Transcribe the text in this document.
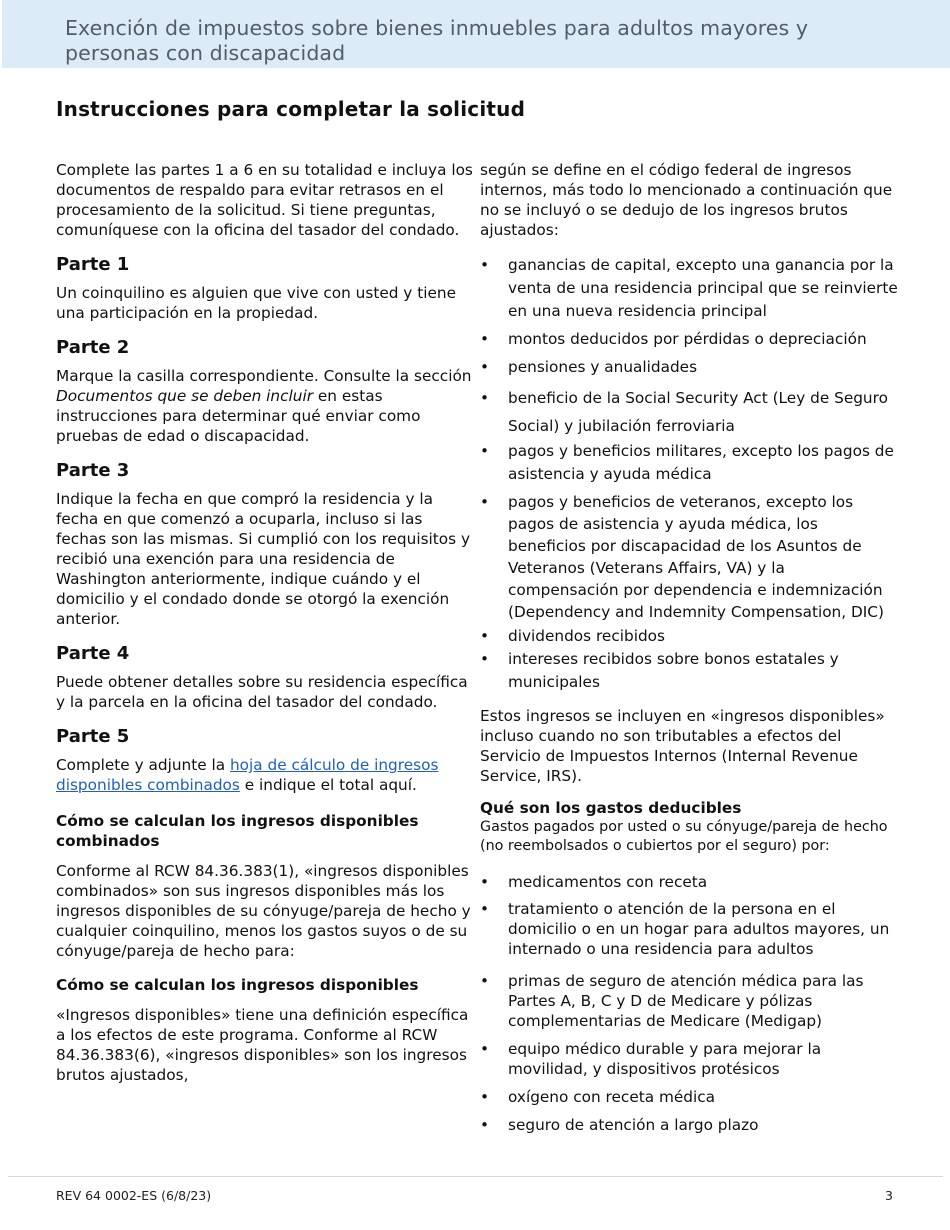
Exención de impuestos sobre bienes inmuebles para adultos mayores y personas con discapacidad
Instrucciones para completar la solicitud

Complete las partes 1 a 6 en su totalidad e incluya los documentos de respaldo para evitar retrasos en el procesamiento de la solicitud. Si tiene preguntas, comuníquese con la oficina del tasador del condado.

Parte 1

Un coinquilino es alguien que vive con usted y tiene una participación en la propiedad.

Parte 2

Marque la casilla correspondiente. Consulte la sección Documentos que se deben incluir en estas instrucciones para determinar qué enviar como pruebas de edad o discapacidad.

Parte 3

Indique la fecha en que compró la residencia y la fecha en que comenzó a ocuparla, incluso si las fechas son las mismas. Si cumplió con los requisitos y recibió una exención para una residencia de Washington anteriormente, indique cuándo y el domicilio y el condado donde se otorgó la exención anterior.

Parte 4

Puede obtener detalles sobre su residencia específica y la parcela en la oficina del tasador del condado.

Parte 5

Complete y adjunte la hoja de cálculo de ingresos disponibles combinados e indique el total aquí.

Cómo se calculan los ingresos disponibles combinados

Conforme al RCW 84.36.383(1), «ingresos disponibles combinados» son sus ingresos disponibles más los ingresos disponibles de su cónyuge/pareja de hecho y cualquier coinquilino, menos los gastos suyos o de su cónyuge/pareja de hecho para:

Cómo se calculan los ingresos disponibles

«Ingresos disponibles» tiene una definición específica a los efectos de este programa. Conforme al RCW 84.36.383(6), «ingresos disponibles» son los ingresos brutos ajustados,

según se define en el código federal de ingresos internos, más todo lo mencionado a continuación que no se incluyó o se dedujo de los ingresos brutos ajustados:

• ganancias de capital, excepto una ganancia por la venta de una residencia principal que se reinvierte en una nueva residencia principal
• montos deducidos por pérdidas o depreciación
• pensiones y anualidades
• beneficio de la Social Security Act (Ley de Seguro Social) y jubilación ferroviaria
• pagos y beneficios militares, excepto los pagos de asistencia y ayuda médica
• pagos y beneficios de veteranos, excepto los pagos de asistencia y ayuda médica, los beneficios por discapacidad de los Asuntos de Veteranos (Veterans Affairs, VA) y la compensación por dependencia e indemnización (Dependency and Indemnity Compensation, DIC)
• dividendos recibidos
• intereses recibidos sobre bonos estatales y municipales

Estos ingresos se incluyen en «ingresos disponibles» incluso cuando no son tributables a efectos del Servicio de Impuestos Internos (Internal Revenue Service, IRS).

Qué son los gastos deducibles

Gastos pagados por usted o su cónyuge/pareja de hecho (no reembolsados o cubiertos por el seguro) por:

• medicamentos con receta
• tratamiento o atención de la persona en el domicilio o en un hogar para adultos mayores, un internado o una residencia para adultos
• primas de seguro de atención médica para las Partes A, B, C y D de Medicare y pólizas complementarias de Medicare (Medigap)
• equipo médico durable y para mejorar la movilidad, y dispositivos protésicos
• oxígeno con receta médica
• seguro de atención a largo plazo
REV 64 0002-ES (6/8/23)	3
